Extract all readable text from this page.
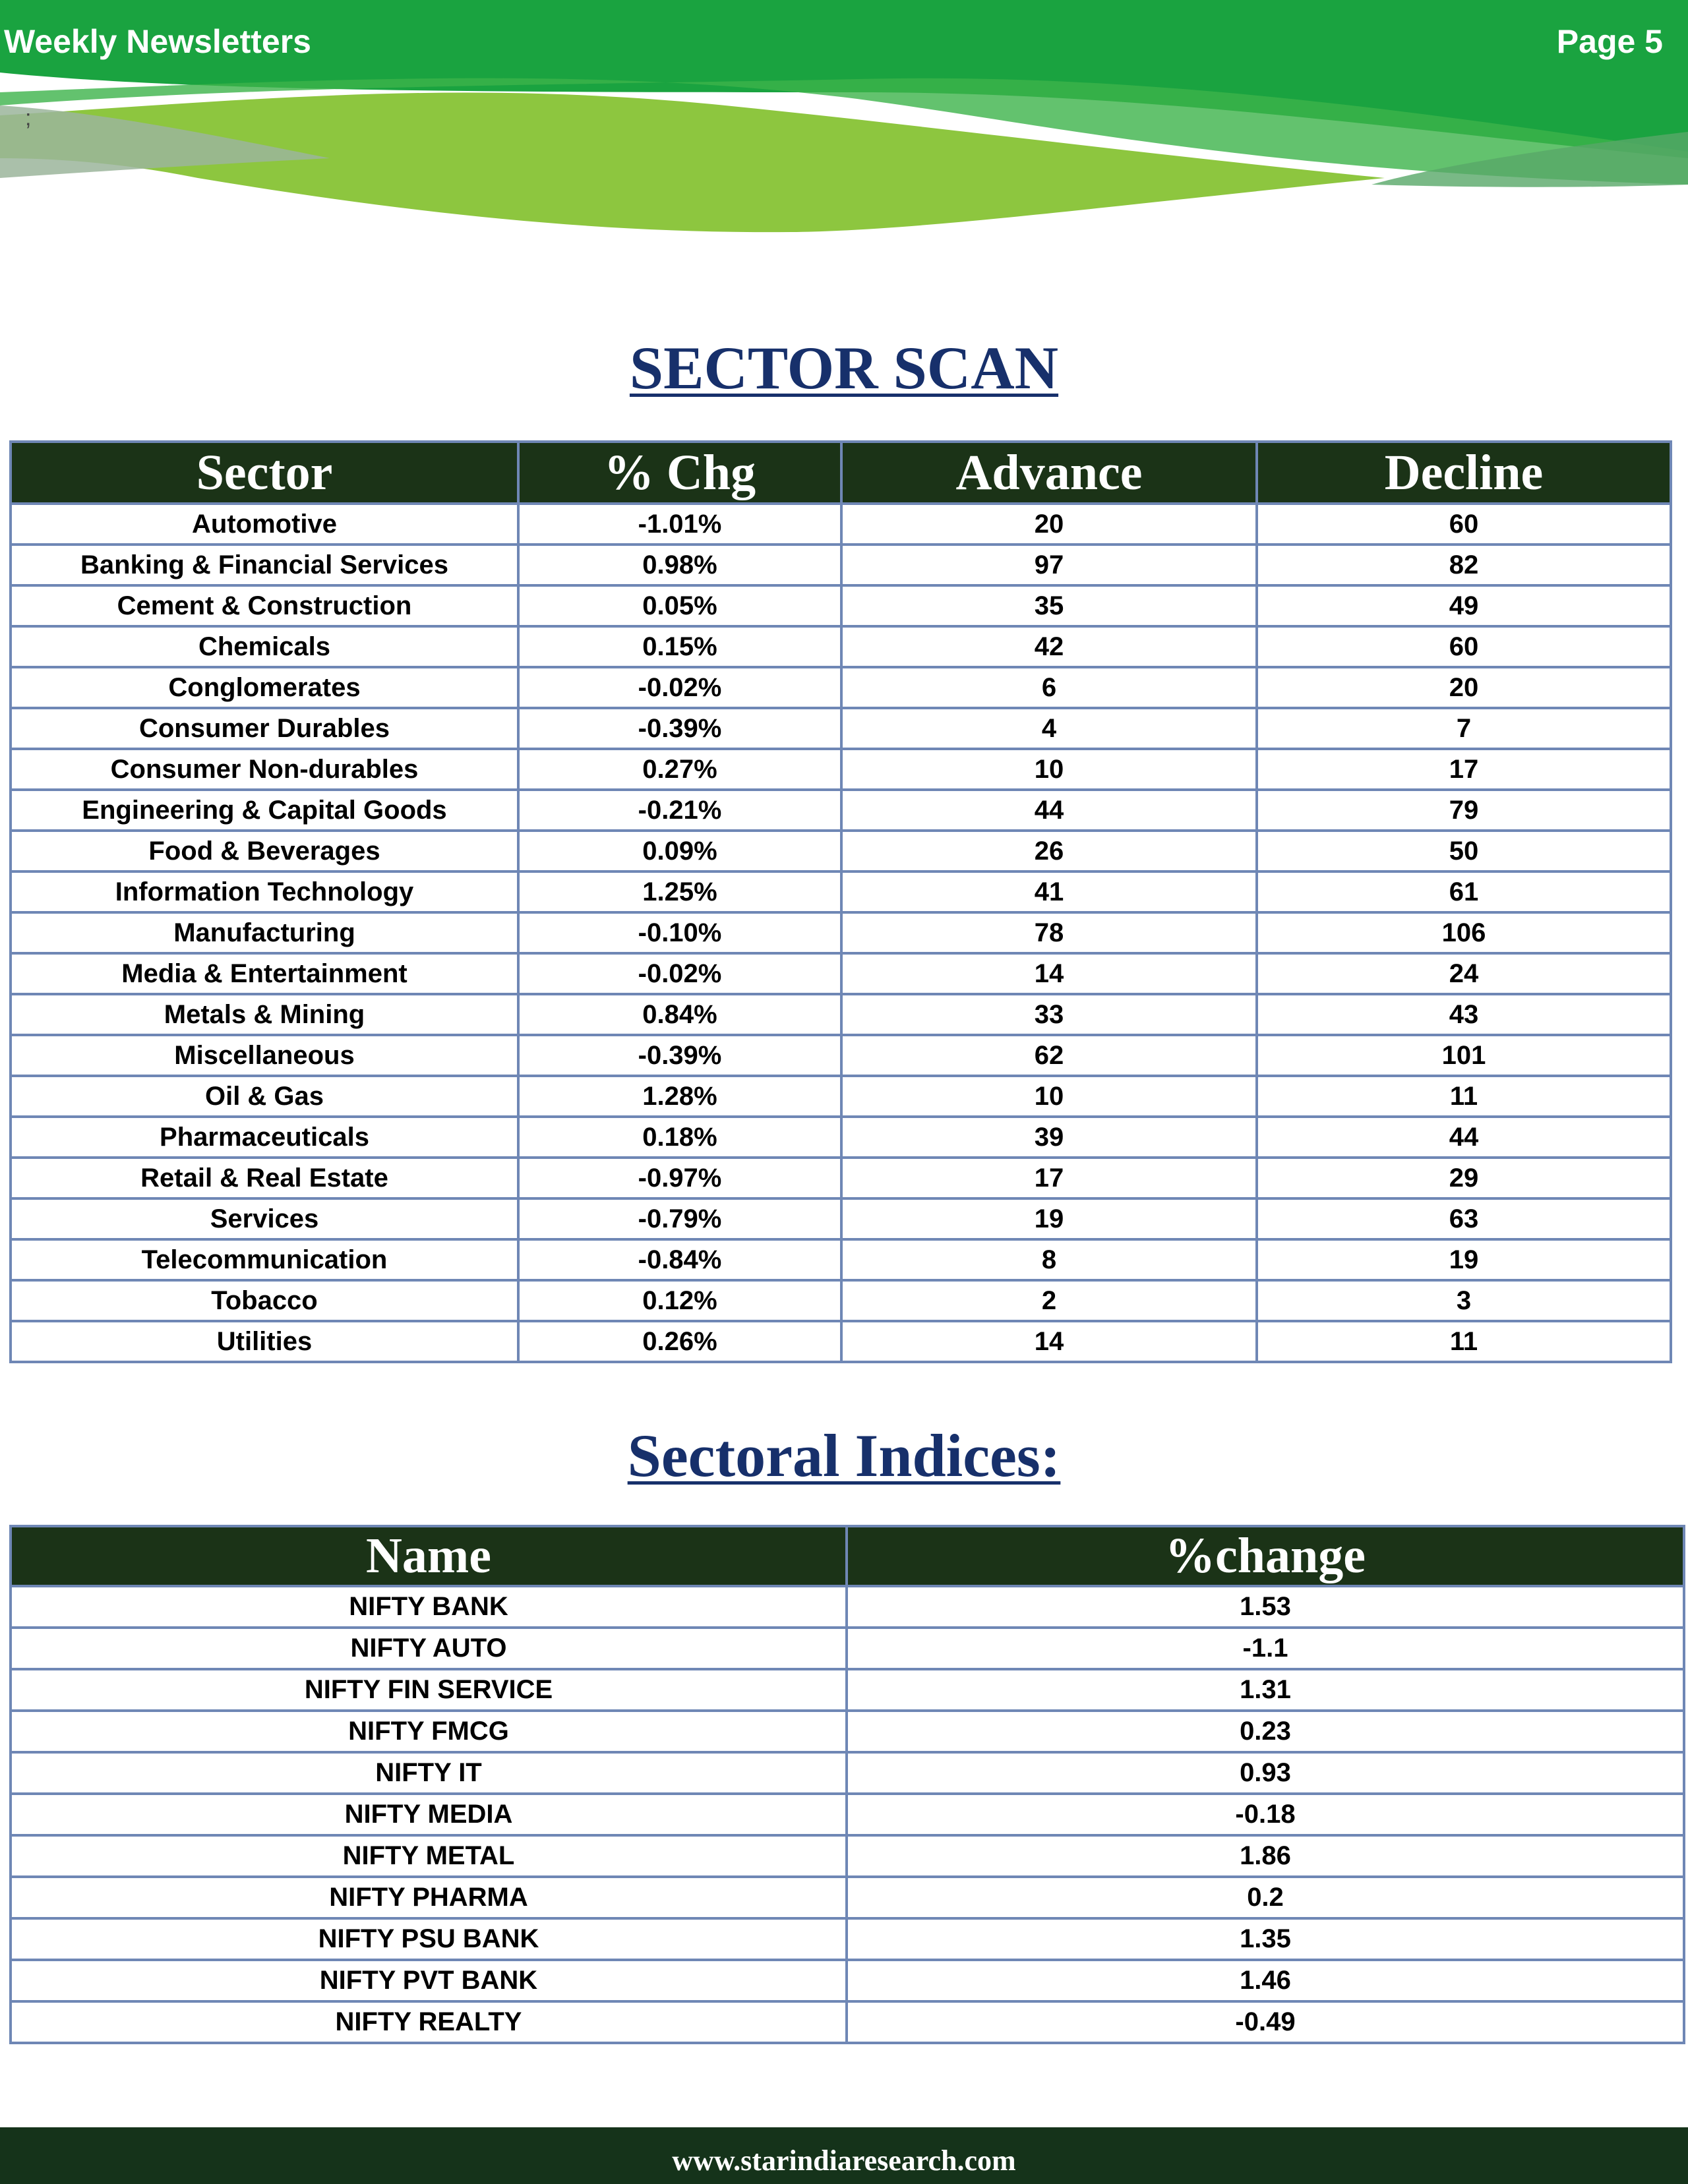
Weekly Newsletters	Page 5
;
SECTOR SCAN
Sector	% Chg	Advance	Decline
Automotive	-1.01%	20	60
Banking & Financial Services	0.98%	97	82
Cement & Construction	0.05%	35	49
Chemicals	0.15%	42	60
Conglomerates	-0.02%	6	20
Consumer Durables	-0.39%	4	7
Consumer Non-durables	0.27%	10	17
Engineering & Capital Goods	-0.21%	44	79
Food & Beverages	0.09%	26	50
Information Technology	1.25%	41	61
Manufacturing	-0.10%	78	106
Media & Entertainment	-0.02%	14	24
Metals & Mining	0.84%	33	43
Miscellaneous	-0.39%	62	101
Oil & Gas	1.28%	10	11
Pharmaceuticals	0.18%	39	44
Retail & Real Estate	-0.97%	17	29
Services	-0.79%	19	63
Telecommunication	-0.84%	8	19
Tobacco	0.12%	2	3
Utilities	0.26%	14	11
Sectoral Indices:
Name	%change
NIFTY BANK	1.53
NIFTY AUTO	-1.1
NIFTY FIN SERVICE	1.31
NIFTY FMCG	0.23
NIFTY IT	0.93
NIFTY MEDIA	-0.18
NIFTY METAL	1.86
NIFTY PHARMA	0.2
NIFTY PSU BANK	1.35
NIFTY PVT BANK	1.46
NIFTY REALTY	-0.49
www.starindiaresearch.com
